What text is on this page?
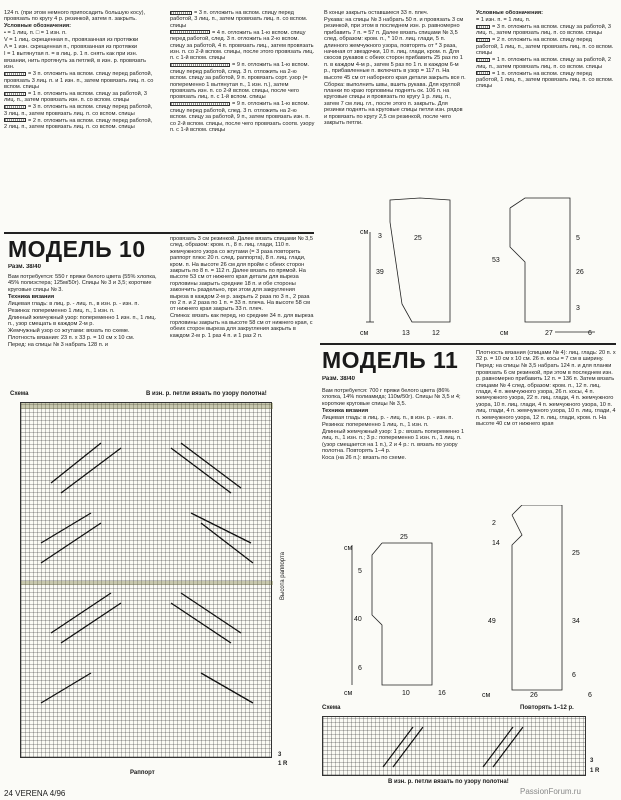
124 п. (при этом немного припосадить большую косу), провязать по кругу 4 р. резинкой, затем п. закрыть.

Условные обозначения:

• = 1 лиц. п. □ = 1 изн. п.

V = 1 лиц. скрещенная п., провязанная из протяжки

Λ = 1 изн. скрещенная п., провязанная из протяжки

I = 1 вытянутая п. = в лиц. р. 1 п. снять как при изн. вязании, нить протянуть за петлей, в изн. р. провязать изн.

= 3 п. отложить на вспом. спицу перед работой, провязать 3 лиц. п. и 1 изн. п., затем провязать лиц. п. со вспом. спицы

= 1 п. отложить на вспом. спицу за работой, 3 лиц. п., затем провязать изн. п. со вспом. спицы

= 3 п. отложить на вспом. спицу перед работой, 3 лиц. п., затем провязать лиц. п. со вспом. спицы

= 2 п. отложить на вспом. спицу перед работой, 2 лиц. п., затем провязать лиц. п. со вспом. спицы

= 3 п. отложить на вспом. спицу перед работой, 3 лиц. п., затем провязать лиц. п. со вспом. спицы

= 4 п. отложить на 1-ю вспом. спицу перед работой, след. 3 п. отложить на 2-ю вспом. спицу за работой, 4 п. провязать лиц., затем провязать изн. п. со 2-й вспом. спицы, после этого провязать лиц. п. с 1-й вспом. спицы

= 9 п. отложить на 1-ю вспом. спицу перед работой, след. 3 п. отложить на 2-ю вспом. спицу за работой, 9 п. провязать сорт. узор (= попеременно 1 вытянутая п., 1 изн. п.), затем провязать изн. п. со 2-й вспом. спицы, после чего провязать лиц. п. с 1-й вспом. спицы

= 9 п. отложить на 1-ю вспом. спицу перед работой, след. 3 п. отложить на 2-ю вспом. спицу за работой, 9 п., затем провязать изн. п. со 2-й вспом. спицы, после чего провязать соотв. узору п. с 1-й вспом. спицы

В конце закрыть оставшиеся 33 п. плеч.

Рукава: на спицы № 3 набрать 50 п. и провязать 3 см резинкой, при этом в последнем изн. р. равномерно прибавить 7 п. = 57 п. Далее вязать спицами № 3,5 след. образом: кром. п., * 10 п. лиц. глади, 5 п. длинного жемчужного узора, повторять от * 3 раза, начиная от звездочки, 10 п. лиц. глади, кром. п. Для скосов рукавов с обеих сторон прибавить 25 раз по 1 п. в каждом 4-м р., затем 5 раз по 1 п. в каждом 6-м р., прибавленные п. включать в узор = 117 п. На высоте 45 см от наборного края детали закрыть все п.

Сборка: выполнить швы, вшить рукава. Для круглой планки по краю горловины поднять ок. 106 п. на круговые спицы и провязать по кругу 1 р. лиц. п., затем 7 см лиц. гл., после этого п. закрыть. Для резинки поднять на круговые спицы петли изн. рядов и провязать по кругу 2,5 см резинкой, после чего закрыть петли.

Условные обозначения:

= 1 изн. п. = 1 лиц. п.

= 3 п. отложить на вспом. спицу за работой, 3 лиц. п., затем провязать лиц. п. со вспом. спицы

= 2 п. отложить на вспом. спицу перед работой, 1 лиц. п., затем провязать лиц. п. со вспом. спицы

= 1 п. отложить на вспом. спицу за работой, 2 лиц. п., затем провязать лиц. п. со вспом. спицы

= 1 п. отложить на вспом. спицу перед работой, 1 лиц. п., затем провязать лиц. п. со вспом. спицы

см
25
3
39
13	12
см
53
5
26
3
27	6
см
МОДЕЛЬ 10
Разм. 38/40

Вам потребуется: 550 г пряжи белого цвета (55% хлопка, 45% полиэстера; 125м/50г). Спицы № 3 и 3,5; короткие круговые спицы № 3.

Техника вязания

Лицевая гладь: в лиц. р. - лиц. п., в изн. р. - изн. п.

Резинка: попеременно 1 лиц. п., 1 изн. п.

Длинный жемчужный узор: попеременно 1 изн. п., 1 лиц. п., узор смещать в каждом 2-м р.

Жемчужный узор со жгутами: вязать по схеме.

Плотность вязания: 23 п. x 33 р. = 10 см x 10 см.

Перед: на спицы № 3 набрать 128 п. и

провязать 3 см резинкой. Далее вязать спицами № 3,5 след. образом: кром. п., 8 п. лиц. глади, 110 п. жемчужного узора со жгутами (= 3 раза повторить раппорт плюс 20 п. след. раппорта), 8 п. лиц. глади, кром. п. На высоте 26 см для пройм с обеих сторон закрыть по 8 п. = 112 п. Далее вязать по прямой. На высоте 53 см от нижнего края детали для выреза горловины закрыть средние 18 п. и обе стороны закончить раздельно, при этом для закругления выреза в каждом 2-м р. закрыть 2 раза по 3 п., 2 раза по 2 п. и 2 раза по 1 п. = 33 п. плеча. На высоте 58 см от нижнего края закрыть 33 п. плеч.

Спинка: вязать как перед, но средние 34 п. для выреза горловины закрыть на высоте 58 см от нижнего края, с обеих сторон выреза для закругления закрыть в каждом 2-м р. 1 раз 4 п. и 1 раз 2 п.

Схема	В изн. р. петли вязать по узору полотна!
Высота раппорта
3
1 R
Раппорт
МОДЕЛЬ 11
Разм. 38/40

Вам потребуется: 700 г пряжи белого цвета (86% хлопка, 14% полиамида; 110м/50г). Спицы № 3,5 и 4; короткие круговые спицы № 3,5.

Техника вязания

Лицевая гладь: в лиц. р. - лиц. п., в изн. р. - изн. п.

Резинка: попеременно 1 лиц. п., 1 изн. п.

Длинный жемчужный узор: 1 р.: вязать попеременно 1 лиц. п., 1 изн. п.; 3 р.: попеременно 1 изн. п., 1 лиц. п. (узор смещается на 1 п.), 2 и 4 р.: п. вязать по узору полотна. Повторять 1–4 р.

Коса (на 26 п.): вязать по схеме.

Плотность вязания (спицами № 4): лиц. гладь: 20 п. x 32 р. = 10 см x 10 см. 26 п. косы = 7 см в ширину.

Перед: на спицы № 3,5 набрать 124 п. и для планки провязать 6 см резинкой, при этом в последнем изн. р. равномерно прибавить 12 п. = 136 п. Затем вязать спицами № 4 след. образом: кром. п., 12 п. лиц. глади, 4 п. жемчужного узора, 26 п. косы, 4 п. жемчужного узора, 22 п. лиц. глади, 4 п. жемчужного узора, 10 п. лиц. глади, 4 п. жемчужного узора, 10 п. лиц. глади, 4 п. жемчужного узора, 10 п. лиц. глади, 4 п. жемчужного узора, 12 п. лиц. глади, кром. п. На высоте 40 см от нижнего края

см
25
5
40
6
10	16
см
14
2
25
49	34
6
26	6
см
Схема	Повторять 1–12 р.
3
1 R
В изн. р. петли вязать по узору полотна!
24 VERENA 4/96	PassionForum.ru
